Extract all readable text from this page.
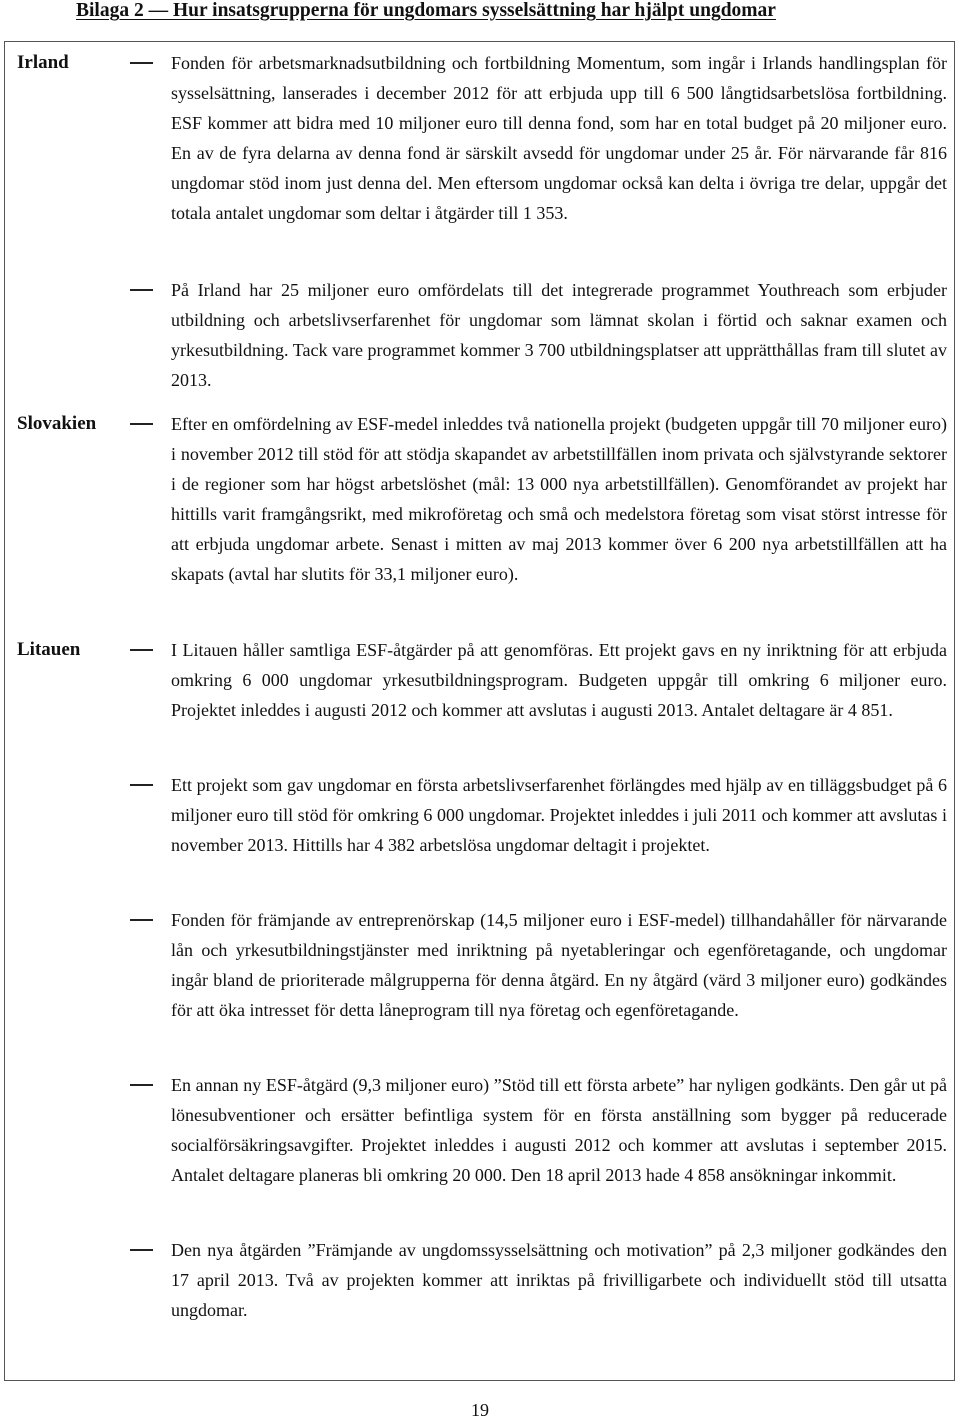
Bilaga 2 — Hur insatsgrupperna för ungdomars sysselsättning har hjälpt ungdomar
Irland	Fonden för arbetsmarknadsutbildning och fortbildning Momentum, som ingår i Irlands handlingsplan för sysselsättning, lanserades i december 2012 för att erbjuda upp till 6 500 långtidsarbetslösa fortbildning. ESF kommer att bidra med 10 miljoner euro till denna fond, som har en total budget på 20 miljoner euro. En av de fyra delarna av denna fond är särskilt avsedd för ungdomar under 25 år. För närvarande får 816 ungdomar stöd inom just denna del. Men eftersom ungdomar också kan delta i övriga tre delar, uppgår det totala antalet ungdomar som deltar i åtgärder till 1 353.
På Irland har 25 miljoner euro omfördelats till det integrerade programmet Youthreach som erbjuder utbildning och arbetslivserfarenhet för ungdomar som lämnat skolan i förtid och saknar examen och yrkesutbildning. Tack vare programmet kommer 3 700 utbildningsplatser att upprätthållas fram till slutet av 2013.
Slovakien	Efter en omfördelning av ESF-medel inleddes två nationella projekt (budgeten uppgår till 70 miljoner euro) i november 2012 till stöd för att stödja skapandet av arbetstillfällen inom privata och självstyrande sektorer i de regioner som har högst arbetslöshet (mål: 13 000 nya arbetstillfällen). Genomförandet av projekt har hittills varit framgångsrikt, med mikroföretag och små och medelstora företag som visat störst intresse för att erbjuda ungdomar arbete. Senast i mitten av maj 2013 kommer över 6 200 nya arbetstillfällen att ha skapats (avtal har slutits för 33,1 miljoner euro).
Litauen	I Litauen håller samtliga ESF-åtgärder på att genomföras. Ett projekt gavs en ny inriktning för att erbjuda omkring 6 000 ungdomar yrkesutbildningsprogram. Budgeten uppgår till omkring 6 miljoner euro. Projektet inleddes i augusti 2012 och kommer att avslutas i augusti 2013. Antalet deltagare är 4 851.
Ett projekt som gav ungdomar en första arbetslivserfarenhet förlängdes med hjälp av en tilläggsbudget på 6 miljoner euro till stöd för omkring 6 000 ungdomar. Projektet inleddes i juli 2011 och kommer att avslutas i november 2013. Hittills har 4 382 arbetslösa ungdomar deltagit i projektet.
Fonden för främjande av entreprenörskap (14,5 miljoner euro i ESF-medel) tillhandahåller för närvarande lån och yrkesutbildningstjänster med inriktning på nyetableringar och egenföretagande, och ungdomar ingår bland de prioriterade målgrupperna för denna åtgärd. En ny åtgärd (värd 3 miljoner euro) godkändes för att öka intresset för detta låneprogram till nya företag och egenföretagande.
En annan ny ESF-åtgärd (9,3 miljoner euro) ”Stöd till ett första arbete” har nyligen godkänts. Den går ut på lönesubventioner och ersätter befintliga system för en första anställning som bygger på reducerade socialförsäkringsavgifter. Projektet inleddes i augusti 2012 och kommer att avslutas i september 2015. Antalet deltagare planeras bli omkring 20 000. Den 18 april 2013 hade 4 858 ansökningar inkommit.
Den nya åtgärden ”Främjande av ungdomssysselsättning och motivation” på 2,3 miljoner godkändes den 17 april 2013. Två av projekten kommer att inriktas på frivilligarbete och individuellt stöd till utsatta ungdomar.
19
